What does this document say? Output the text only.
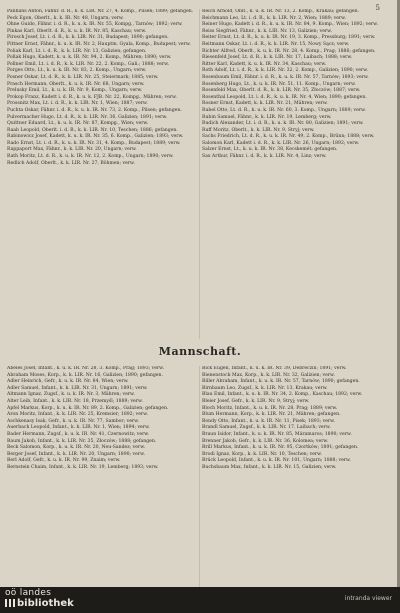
5
Panhans Anton, Fähnr. d. R., k. k. LIR. Nr. 27, 4. Komp., Pilsen; 1889; gefangen.
Peck Egon, Oberlt., k. k. IR. Nr. 48, Ungarn; verw.
Ohne Guido, Fähnr. i. d. R., k. u. k. IR. Nr. 55, Kompg., Tarnów; 1892; verw.
Pinkas Karl, Oberlt. d. R., k. u. k. IR. Nr. 85, Kaschau; verw.
Pirosch Josef, Lt. i. d. R., k. k. LIR. Nr. 31, Budapest; 1890; gefangen.
Pittner Ernst, Fähnr., k. u. k. IR. Nr. 2, Hauptm. Gyala, Komp., Budapest; verw.
Poliak Karl, Lt. i. d. R., k. k. LIR. Nr. 13, Galizien; gefangen.
Pollak Hugo, Kadett, k. u. k. IR. Nr. 94, 2. Komp., Mähren; 1890; verw.
Pollner Emil, Lt. i. d. R., k. k. LIR. Nr. 22, 2. Komp., Gali.; 1888; verw.
Porges Otto, Lt., k. u. k. IR. Nr. 83, 2. Komp., Ungarn; verw.
Posner Oskar, Lt. d. R., k. k. LIR. Nr. 25, Steiermark; 1885; verw.
Prasch Hermann, Oberlt., k. u. k. IR. Nr. 68, Ungarn; verw.
Prelusky Emil, Lt., k. u. k. IR. Nr. 9, Komp., Ungarn; verw.
Prokop Franz, Kadett i. d. R., k. u. k. FJB. Nr. 22, Kompg., Mähren; verw.
Prossnitz Max, Lt. i. d. R., k. k. LIR. Nr. 1, Wien; 1887; verw.
Puchta Oskar, Fähnr. i. d. R., k. u. k. IR. Nr. 73, 2. Komp., Pilsen; gefangen.
Pulvermacher Hugo, Lt. d. R., k. k. LIR. Nr. 36, Galizien; 1891; verw.
Quittner Eduard, Lt., k. u. k. IR. Nr. 87, Kompg., Wien; verw.
Raab Leopold, Oberlt. i. d. R., k. k. LIR. Nr. 10, Teschen; 1886; gefangen.
Rabinowicz Josef, Kadett, k. u. k. IR. Nr. 35, 6. Komp., Galizien; 1893; verw.
Rado Ernst, Lt. i. d. R., k. u. k. IR. Nr. 31, 4. Komp., Budapest; 1889; verw.
Rappaport Max, Fähnr., k. k. LIR. Nr. 20, Ungarn; verw.
Rath Moritz, Lt. d. R., k. u. k. IR. Nr. 12, 2. Komp., Ungarn; 1890; verw.
Redlich Adolf, Oberlt., k. k. LIR. Nr. 27, Böhmen; verw.
Reich Arnold, Oblt., k. u. k. IR. Nr. 13, 2. Komp., Krakau; gefangen.
Reichmann Leo, Lt. i. d. R., k. k. LIR. Nr. 2, Wien; 1889; verw.
Reiner Hugo, Kadett i. d. R., k. u. k. IR. Nr. 84, 9. Komp., Wien; 1892; verw.
Reiss Siegfried, Fähnr., k. k. LIR. Nr. 13, Galizien; verw.
Reiter Ernst, Lt. d. R., k. u. k. IR. Nr. 19, 3. Komp., Pressburg; 1891; verw.
Reitmann Oskar, Lt. i. d. R., k. k. LIR. Nr. 15, Nowy Sącz; verw.
Richter Alfred, Oberlt., k. u. k. IR. Nr. 28, 4. Komp., Prag; 1886; gefangen.
Riesenfeld Josef, Lt. d. R., k. k. LIR. Nr. 17, Laibach; 1888; verw.
Ritter Karl, Kadett, k. u. k. IR. Nr. 34, Kaschau; verw.
Roth Adolf, Lt. i. d. R., k. k. LIR. Nr. 32, 2. Komp., Galizien; 1890; verw.
Rosenbaum Emil, Fähnr. i. d. R., k. u. k. IR. Nr. 57, Tarnów; 1893; verw.
Rosenberg Hugo, Lt., k. u. k. IR. Nr. 51, 11. Komp., Ungarn; verw.
Rosenfeld Max, Oberlt. d. R., k. k. LIR. Nr. 35, Złoczów; 1887; verw.
Rosenthal Leopold, Lt. i. d. R., k. u. k. IR. Nr. 4, Wien; 1890; gefangen.
Rosner Ernst, Kadett, k. k. LIR. Nr. 21, Mähren; verw.
Rubel Otto, Lt. d. R., k. u. k. IR. Nr. 60, 3. Komp., Ungarn; 1889; verw.
Rubin Samuel, Fähnr., k. k. LIR. Nr. 19, Lemberg; verw.
Rudich Alexander, Lt. i. d. R., k. u. k. IR. Nr. 80, Galizien; 1891; verw.
Ruff Moritz, Oberlt., k. k. LIR. Nr. 9, Stryj; verw.
Sachs Friedrich, Lt. d. R., k. u. k. IR. Nr. 49, 2. Komp., Brünn; 1888; verw.
Salomon Karl, Kadett i. d. R., k. k. LIR. Nr. 26, Ungarn; 1892; verw.
Salzer Ernst, Lt., k. u. k. IR. Nr. 38, Kecskemét; gefangen.
Sax Arthur, Fähnr. i. d. R., k. k. LIR. Nr. 4, Linz; verw.
Mannschaft.
Abeles Josef, Infant., k. u. k. IR. Nr. 28, 3. Komp., Prag; 1893; verw.
Abraham Moses, Korp., k. k. LIR. Nr. 16, Galizien; 1890; gefangen.
Adler Heinrich, Gefr., k. u. k. IR. Nr. 84, Wien; verw.
Adler Samuel, Infant., k. k. LIR. Nr. 31, Ungarn; 1891; verw.
Altmann Ignaz, Zugsf., k. u. k. IR. Nr. 3, Mähren; verw.
Alter Leib, Infant., k. k. LIR. Nr. 18, Przemyśl; 1889; verw.
Apfel Markus, Korp., k. u. k. IR. Nr. 89, 2. Komp., Galizien; gefangen.
Aron Moritz, Infant., k. k. LIR. Nr. 25, Kremsier; 1892; verw.
Aschkenasy Isak, Gefr., k. u. k. IR. Nr. 77, Sambor; verw.
Auerbach Leopold, Infant., k. k. LIR. Nr. 1, Wien; 1894; verw.
Bader Hermann, Zugsf., k. u. k. IR. Nr. 41, Czernowitz; verw.
Baum Jakob, Infant., k. k. LIR. Nr. 35, Złoczów; 1888; gefangen.
Beck Salomon, Korp., k. u. k. IR. Nr. 20, Neu-Sandez; verw.
Berger Josef, Infant., k. k. LIR. Nr. 20, Ungarn; 1890; verw.
Berl Adolf, Gefr., k. u. k. IR. Nr. 99, Znaim; verw.
Bernstein Chaim, Infant., k. k. LIR. Nr. 19, Lemberg; 1893; verw.
Bick Eugen, Infant., k. u. k. IR. Nr. 39, Debreczin; 1891; verw.
Bienenstock Max, Korp., k. k. LIR. Nr. 32, Galizien; verw.
Biller Abraham, Infant., k. u. k. IR. Nr. 57, Tarnów; 1890; gefangen.
Birnbaum Leo, Zugsf., k. k. LIR. Nr. 13, Krakau; verw.
Blau Emil, Infant., k. u. k. IR. Nr. 34, 2. Komp., Kaschau; 1892; verw.
Bleier Josef, Gefr., k. k. LIR. Nr. 9, Stryj; verw.
Bloch Moritz, Infant., k. u. k. IR. Nr. 28, Prag; 1889; verw.
Blum Hermann, Korp., k. k. LIR. Nr. 21, Mähren; gefangen.
Bondy Otto, Infant., k. u. k. IR. Nr. 11, Pisek; 1893; verw.
Brandl Samuel, Zugsf., k. k. LIR. Nr. 17, Laibach; verw.
Braun Isidor, Infant., k. u. k. IR. Nr. 85, Máramaros; 1890; verw.
Brenner Jakob, Gefr., k. k. LIR. Nr. 36, Kolomea; verw.
Brill Markus, Infant., k. u. k. IR. Nr. 95, Czortków; 1891; gefangen.
Brodi Ignaz, Korp., k. k. LIR. Nr. 10, Teschen; verw.
Brück Leopold, Infant., k. u. k. IR. Nr. 101, Ungarn; 1888; verw.
Buchsbaum Max, Infant., k. k. LIR. Nr. 15, Galizien; verw.
oö landes
bibliothek	intranda viewer
